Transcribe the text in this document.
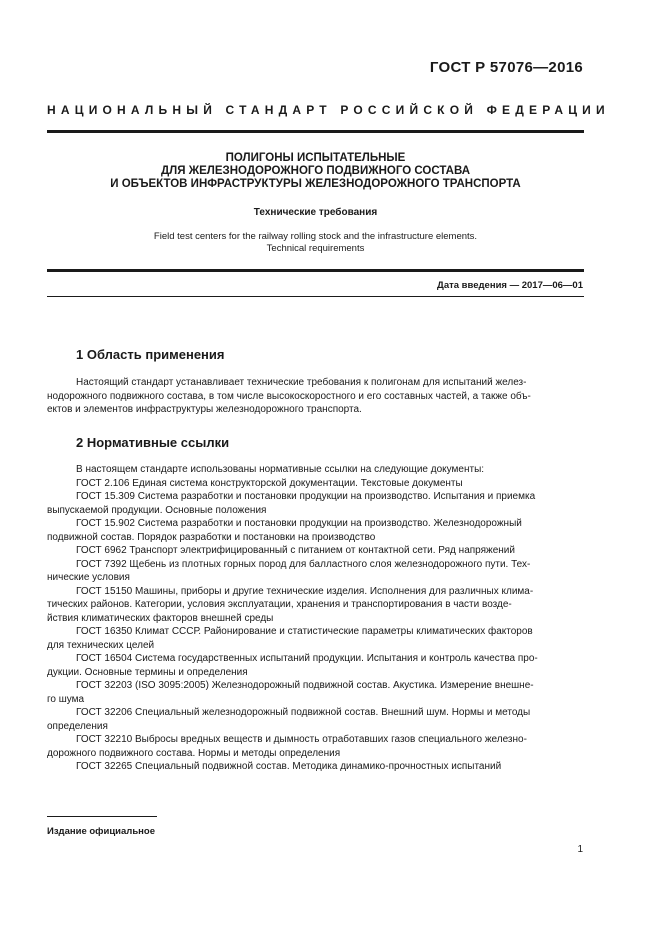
ГОСТ Р 57076—2016
НАЦИОНАЛЬНЫЙ СТАНДАРТ РОССИЙСКОЙ ФЕДЕРАЦИИ
ПОЛИГОНЫ ИСПЫТАТЕЛЬНЫЕ
ДЛЯ ЖЕЛЕЗНОДОРОЖНОГО ПОДВИЖНОГО СОСТАВА
И ОБЪЕКТОВ ИНФРАСТРУКТУРЫ ЖЕЛЕЗНОДОРОЖНОГО ТРАНСПОРТА
Технические требования
Field test centers for the railway rolling stock and the infrastructure elements.
Technical requirements
Дата введения — 2017—06—01
1 Область применения
Настоящий стандарт устанавливает технические требования к полигонам для испытаний желез-
нодорожного подвижного состава, в том числе высокоскоростного и его составных частей, а также объ-
ектов и элементов инфраструктуры железнодорожного транспорта.
2 Нормативные ссылки
В настоящем стандарте использованы нормативные ссылки на следующие документы:
ГОСТ 2.106 Единая система конструкторской документации. Текстовые документы
ГОСТ 15.309 Система разработки и постановки продукции на производство. Испытания и приемка
выпускаемой продукции. Основные положения
ГОСТ 15.902 Система разработки и постановки продукции на производство. Железнодорожный
подвижной состав. Порядок разработки и постановки на производство
ГОСТ 6962 Транспорт электрифицированный с питанием от контактной сети. Ряд напряжений
ГОСТ 7392 Щебень из плотных горных пород для балластного слоя железнодорожного пути. Тех-
нические условия
ГОСТ 15150 Машины, приборы и другие технические изделия. Исполнения для различных клима-
тических районов. Категории, условия эксплуатации, хранения и транспортирования в части возде-
йствия климатических факторов внешней среды
ГОСТ 16350 Климат СССР. Районирование и статистические параметры климатических факторов
для технических целей
ГОСТ 16504 Система государственных испытаний продукции. Испытания и контроль качества про-
дукции. Основные термины и определения
ГОСТ 32203 (ISO 3095:2005) Железнодорожный подвижной состав. Акустика. Измерение внешне-
го шума
ГОСТ 32206 Специальный железнодорожный подвижной состав. Внешний шум. Нормы и методы
определения
ГОСТ 32210 Выбросы вредных веществ и дымность отработавших газов специального железно-
дорожного подвижного состава. Нормы и методы определения
ГОСТ 32265 Специальный подвижной состав. Методика динамико-прочностных испытаний
Издание официальное
1
